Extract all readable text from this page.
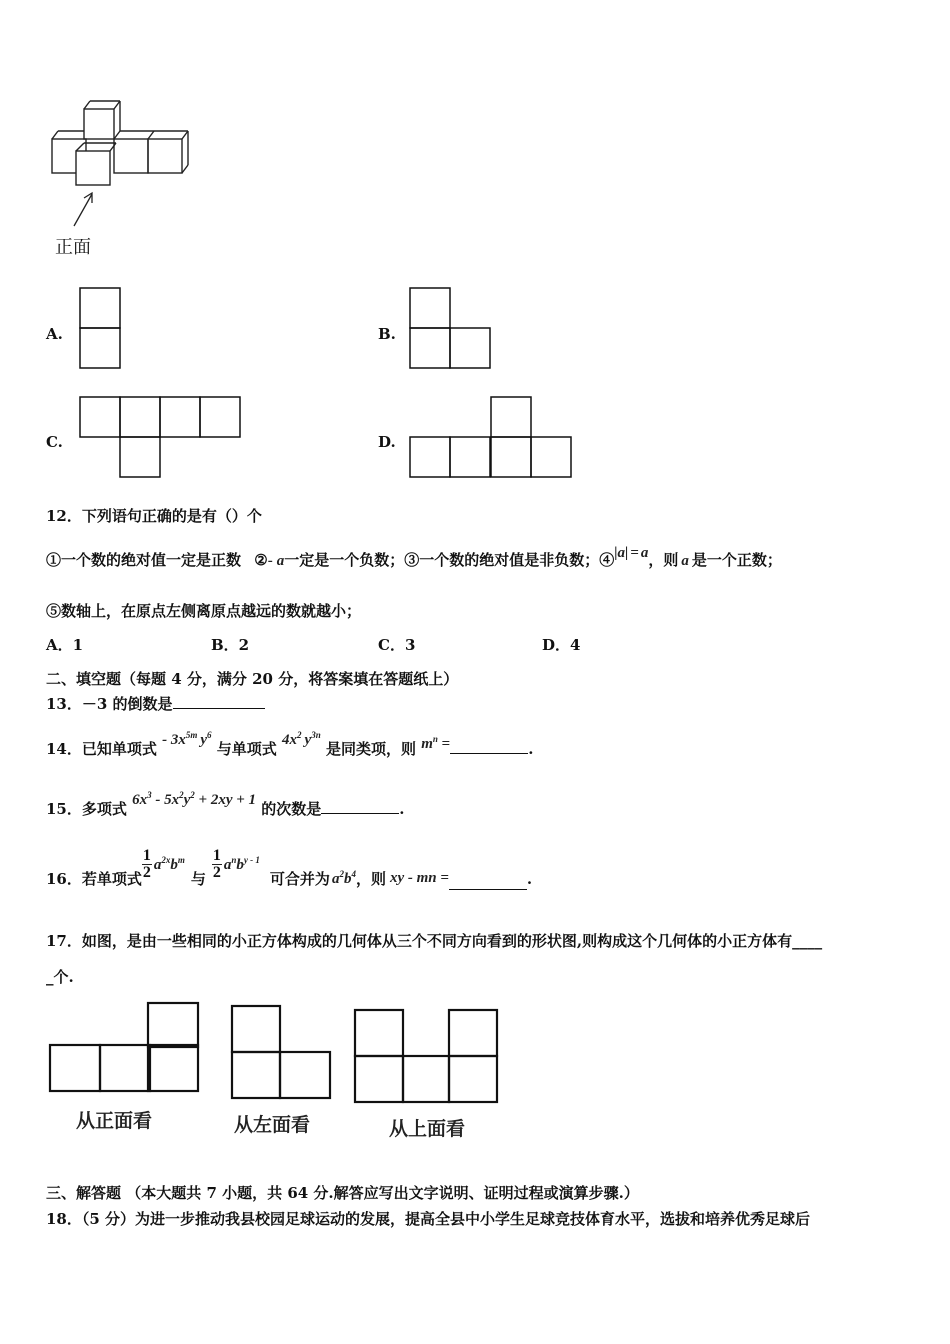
正面
A.	B.
C.	D.
12．下列语句正确的是有（）个
①一个数的绝对值一定是正数 ②- a一定是一个负数；③一个数的绝对值是非负数；④|a| = a，则 a 是一个正数；
⑤数轴上，在原点左侧离原点越远的数就越小；
A．1	B．2	C．3	D．4
二、填空题（每题 4 分，满分 20 分，将答案填在答题纸上）
13．－3 的倒数是
14．已知单项式 - $3x^{5m}$ $y^6$ 与单项式 $4x^2$ $y^{3n}$ 是同类项，则 $m^n$ =	.
15．多项式 $6x^3 - 5x^2y^2 + 2xy + 1$ 的次数是	.
16．若单项式 $\frac{1}{2} a^{2x}b^m$
与 $\frac{1}{2} a^nb^{y - 1}$
可合并为 $a^2b^4$ ，则 xy - mn =	.
17．如图，是由一些相同的小正方体构成的几何体从三个不同方向看到的形状图,则构成这个几何体的小正方体有____
_个.
从正面看	从左面看	从上面看
三、解答题 （本大题共 7 小题，共 64 分.解答应写出文字说明、证明过程或演算步骤.）
18．（5 分）为进一步推动我县校园足球运动的发展，提高全县中小学生足球竞技体育水平，选拔和培养优秀足球后
